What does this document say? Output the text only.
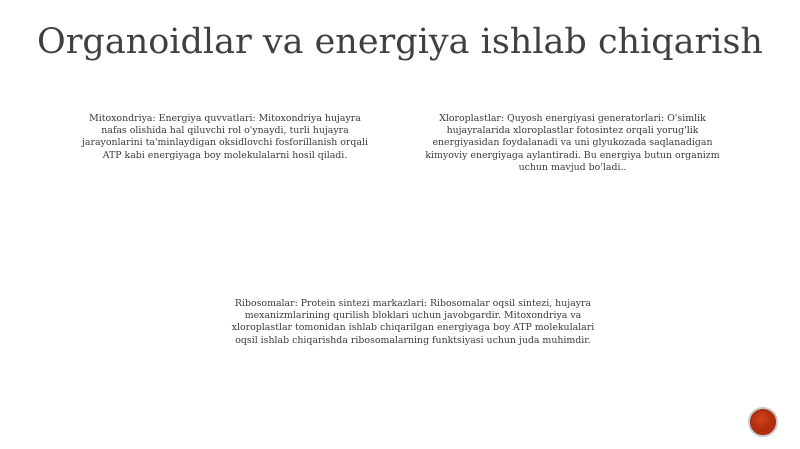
Organoidlar va energiya ishlab chiqarish

Mitoxondriya: Energiya quvvatlari: Mitoxondriya hujayra nafas olishida hal qiluvchi rol o'ynaydi, turli hujayra jarayonlarini ta'minlaydigan oksidlovchi fosforillanish orqali ATP kabi energiyaga boy molekulalarni hosil qiladi.

Xloroplastlar: Quyosh energiyasi generatorlari: O'simlik hujayralarida xloroplastlar fotosintez orqali yorug'lik energiyasidan foydalanadi va uni glyukozada saqlanadigan kimyoviy energiyaga aylantiradi. Bu energiya butun organizm uchun mavjud bo'ladi..

Ribosomalar: Protein sintezi markazlari: Ribosomalar oqsil sintezi, hujayra mexanizmlarining qurilish bloklari uchun javobgardir. Mitoxondriya va xloroplastlar tomonidan ishlab chiqarilgan energiyaga boy ATP molekulalari oqsil ishlab chiqarishda ribosomalarning funktsiyasi uchun juda muhimdir.
